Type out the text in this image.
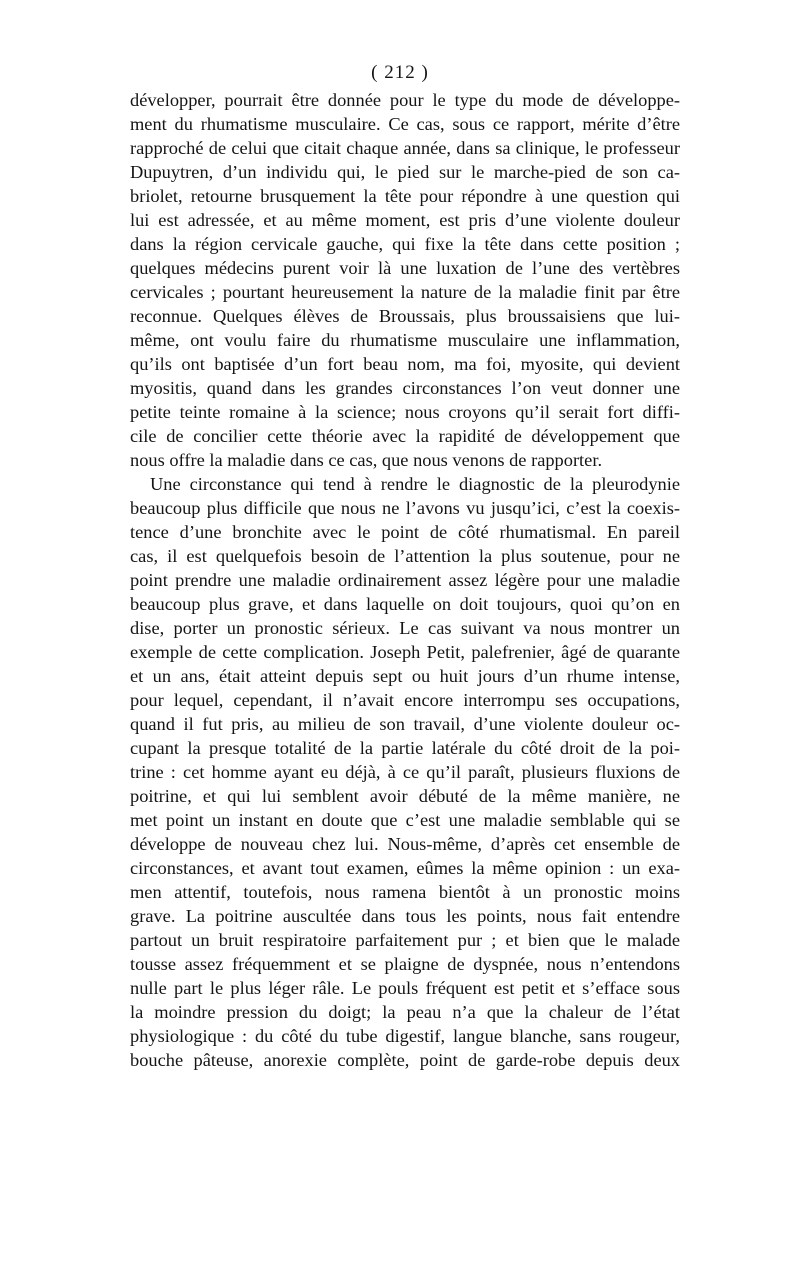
( 212 )
développer, pourrait être donnée pour le type du mode de développe-
ment du rhumatisme musculaire. Ce cas, sous ce rapport, mérite d’être
rapproché de celui que citait chaque année, dans sa clinique, le professeur
Dupuytren, d’un individu qui, le pied sur le marche-pied de son ca-
briolet, retourne brusquement la tête pour répondre à une question qui
lui est adressée, et au même moment, est pris d’une violente douleur
dans la région cervicale gauche, qui fixe la tête dans cette position ;
quelques médecins purent voir là une luxation de l’une des vertèbres
cervicales ; pourtant heureusement la nature de la maladie finit par être
reconnue. Quelques élèves de Broussais, plus broussaisiens que lui-
même, ont voulu faire du rhumatisme musculaire une inflammation,
qu’ils ont baptisée d’un fort beau nom, ma foi, myosite, qui devient
myositis, quand dans les grandes circonstances l’on veut donner une
petite teinte romaine à la science; nous croyons qu’il serait fort diffi-
cile de concilier cette théorie avec la rapidité de développement que
nous offre la maladie dans ce cas, que nous venons de rapporter.
Une circonstance qui tend à rendre le diagnostic de la pleurodynie
beaucoup plus difficile que nous ne l’avons vu jusqu’ici, c’est la coexis-
tence d’une bronchite avec le point de côté rhumatismal. En pareil
cas, il est quelquefois besoin de l’attention la plus soutenue, pour ne
point prendre une maladie ordinairement assez légère pour une maladie
beaucoup plus grave, et dans laquelle on doit toujours, quoi qu’on en
dise, porter un pronostic sérieux. Le cas suivant va nous montrer un
exemple de cette complication. Joseph Petit, palefrenier, âgé de quarante
et un ans, était atteint depuis sept ou huit jours d’un rhume intense,
pour lequel, cependant, il n’avait encore interrompu ses occupations,
quand il fut pris, au milieu de son travail, d’une violente douleur oc-
cupant la presque totalité de la partie latérale du côté droit de la poi-
trine : cet homme ayant eu déjà, à ce qu’il paraît, plusieurs fluxions de
poitrine, et qui lui semblent avoir débuté de la même manière, ne
met point un instant en doute que c’est une maladie semblable qui se
développe de nouveau chez lui. Nous-même, d’après cet ensemble de
circonstances, et avant tout examen, eûmes la même opinion : un exa-
men attentif, toutefois, nous ramena bientôt à un pronostic moins
grave. La poitrine auscultée dans tous les points, nous fait entendre
partout un bruit respiratoire parfaitement pur ; et bien que le malade
tousse assez fréquemment et se plaigne de dyspnée, nous n’entendons
nulle part le plus léger râle. Le pouls fréquent est petit et s’efface sous
la moindre pression du doigt; la peau n’a que la chaleur de l’état
physiologique : du côté du tube digestif, langue blanche, sans rougeur,
bouche pâteuse, anorexie complète, point de garde-robe depuis deux
